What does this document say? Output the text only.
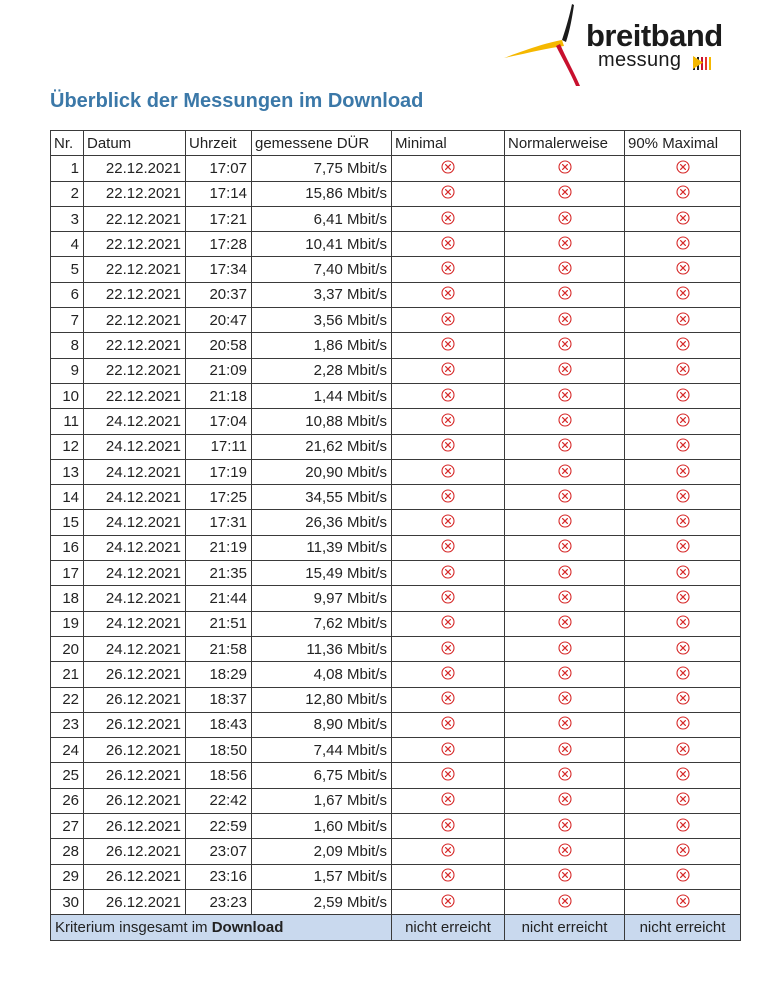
breitband
messung
Überblick der Messungen im Download
Nr.	Datum	Uhrzeit	gemessene DÜR	Minimal	Normalerweise	90% Maximal
1	22.12.2021	17:07	7,75 Mbit/s			
2	22.12.2021	17:14	15,86 Mbit/s			
3	22.12.2021	17:21	6,41 Mbit/s			
4	22.12.2021	17:28	10,41 Mbit/s			
5	22.12.2021	17:34	7,40 Mbit/s			
6	22.12.2021	20:37	3,37 Mbit/s			
7	22.12.2021	20:47	3,56 Mbit/s			
8	22.12.2021	20:58	1,86 Mbit/s			
9	22.12.2021	21:09	2,28 Mbit/s			
10	22.12.2021	21:18	1,44 Mbit/s			
11	24.12.2021	17:04	10,88 Mbit/s			
12	24.12.2021	17:11	21,62 Mbit/s			
13	24.12.2021	17:19	20,90 Mbit/s			
14	24.12.2021	17:25	34,55 Mbit/s			
15	24.12.2021	17:31	26,36 Mbit/s			
16	24.12.2021	21:19	11,39 Mbit/s			
17	24.12.2021	21:35	15,49 Mbit/s			
18	24.12.2021	21:44	9,97 Mbit/s			
19	24.12.2021	21:51	7,62 Mbit/s			
20	24.12.2021	21:58	11,36 Mbit/s			
21	26.12.2021	18:29	4,08 Mbit/s			
22	26.12.2021	18:37	12,80 Mbit/s			
23	26.12.2021	18:43	8,90 Mbit/s			
24	26.12.2021	18:50	7,44 Mbit/s			
25	26.12.2021	18:56	6,75 Mbit/s			
26	26.12.2021	22:42	1,67 Mbit/s			
27	26.12.2021	22:59	1,60 Mbit/s			
28	26.12.2021	23:07	2,09 Mbit/s			
29	26.12.2021	23:16	1,57 Mbit/s			
30	26.12.2021	23:23	2,59 Mbit/s			
Kriterium insgesamt im Download				nicht erreicht	nicht erreicht	nicht erreicht
